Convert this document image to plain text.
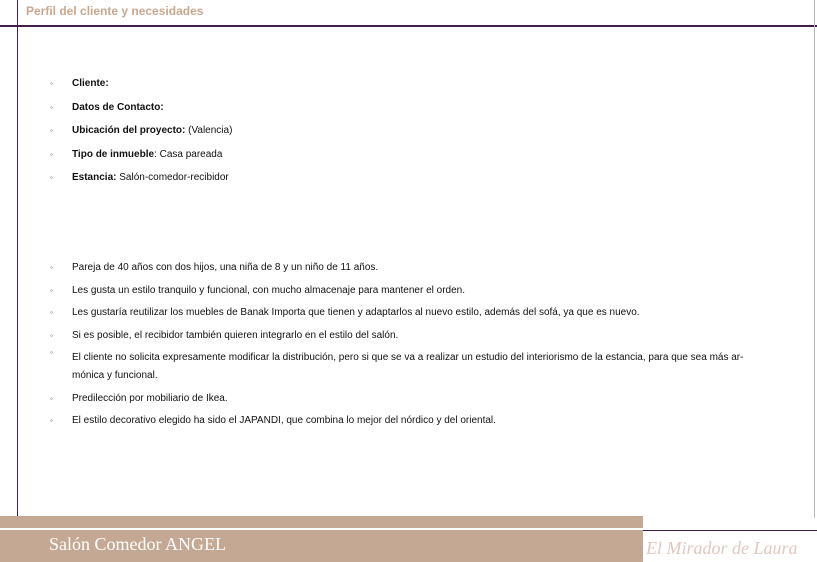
Perfil del cliente y necesidades
◦ Cliente:
◦ Datos de Contacto:
◦ Ubicación del proyecto: (Valencia)
◦ Tipo de inmueble: Casa pareada
◦ Estancia: Salón-comedor-recibidor
◦ Pareja de 40 años con dos hijos, una niña de 8 y un niño de 11 años.
◦ Les gusta un estilo tranquilo y funcional, con mucho almacenaje para mantener el orden.
◦ Les gustaría reutilizar los muebles de Banak Importa que tienen y adaptarlos al nuevo estilo, además del sofá, ya que es nuevo.
◦ Si es posible, el recibidor también quieren integrarlo en el estilo del salón.
◦ El cliente no solicita expresamente modificar la distribución, pero si que se va a realizar un estudio del interiorismo de la estancia, para que sea más ar-
mónica y funcional.
◦ Predilección por mobiliario de Ikea.
◦ El estilo decorativo elegido ha sido el JAPANDI, que combina lo mejor del nórdico y del oriental.
Salón Comedor ANGEL	El Mirador de Laura
